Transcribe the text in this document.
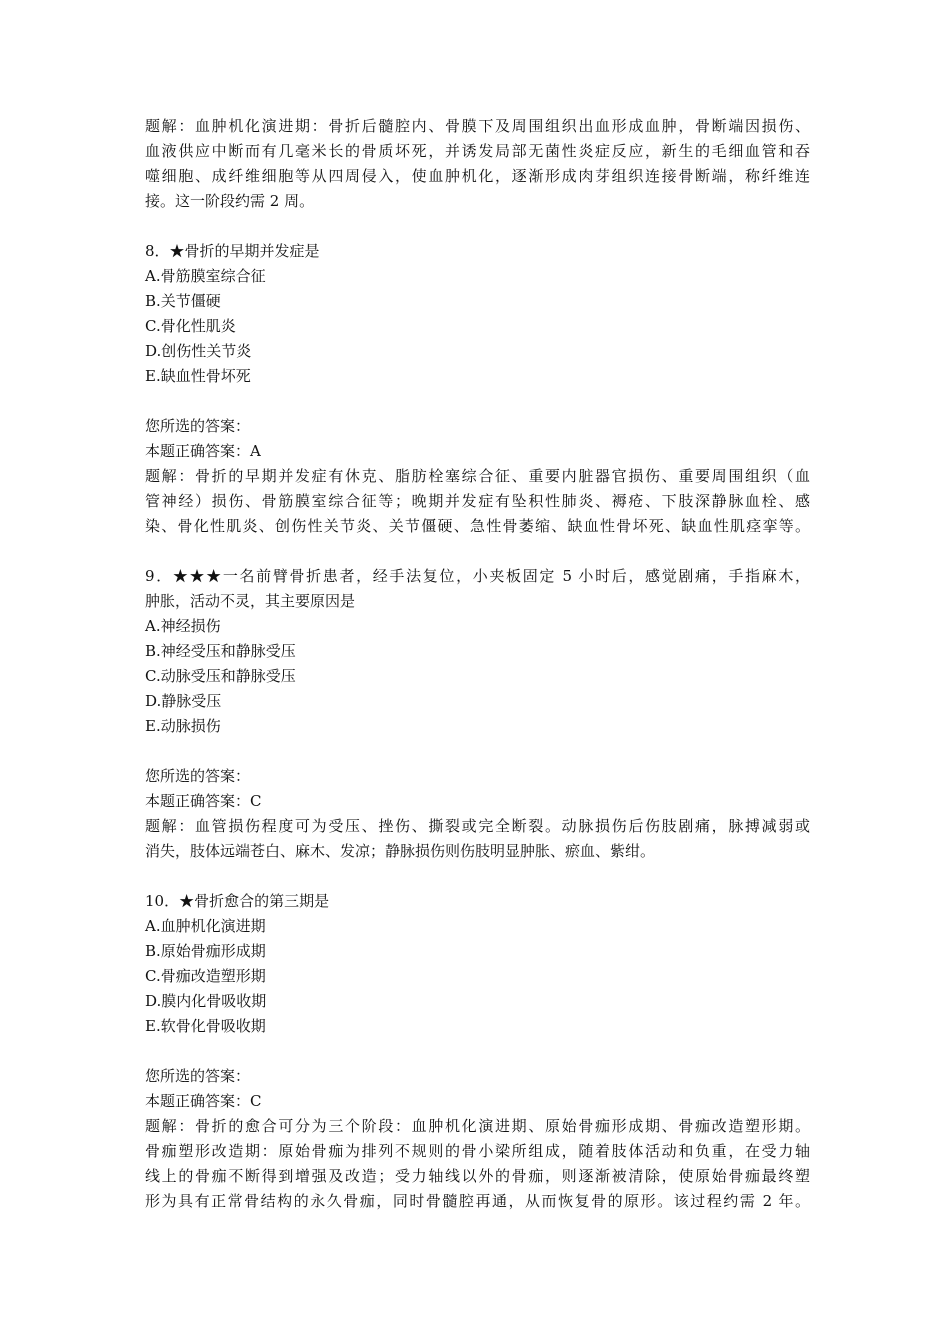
题解：血肿机化演进期：骨折后髓腔内、骨膜下及周围组织出血形成血肿，骨断端因损伤、
血液供应中断而有几毫米长的骨质坏死，并诱发局部无菌性炎症反应，新生的毛细血管和吞
噬细胞、成纤维细胞等从四周侵入，使血肿机化，逐渐形成肉芽组织连接骨断端，称纤维连
接。这一阶段约需 2 周。
8．★骨折的早期并发症是
A.骨筋膜室综合征
B.关节僵硬
C.骨化性肌炎
D.创伤性关节炎
E.缺血性骨坏死
您所选的答案：
本题正确答案：A
题解：骨折的早期并发症有休克、脂肪栓塞综合征、重要内脏器官损伤、重要周围组织（血
管神经）损伤、骨筋膜室综合征等；晚期并发症有坠积性肺炎、褥疮、下肢深静脉血栓、感
染、骨化性肌炎、创伤性关节炎、关节僵硬、急性骨萎缩、缺血性骨坏死、缺血性肌痉挛等。
9．★★★一名前臂骨折患者，经手法复位，小夹板固定 5 小时后，感觉剧痛，手指麻木，
肿胀，活动不灵，其主要原因是
A.神经损伤
B.神经受压和静脉受压
C.动脉受压和静脉受压
D.静脉受压
E.动脉损伤
您所选的答案：
本题正确答案：C
题解：血管损伤程度可为受压、挫伤、撕裂或完全断裂。动脉损伤后伤肢剧痛，脉搏减弱或
消失，肢体远端苍白、麻木、发凉；静脉损伤则伤肢明显肿胀、瘀血、紫绀。
10．★骨折愈合的第三期是
A.血肿机化演进期
B.原始骨痂形成期
C.骨痂改造塑形期
D.膜内化骨吸收期
E.软骨化骨吸收期
您所选的答案：
本题正确答案：C
题解：骨折的愈合可分为三个阶段：血肿机化演进期、原始骨痂形成期、骨痂改造塑形期。
骨痂塑形改造期：原始骨痂为排列不规则的骨小梁所组成，随着肢体活动和负重，在受力轴
线上的骨痂不断得到增强及改造；受力轴线以外的骨痂，则逐渐被清除，使原始骨痂最终塑
形为具有正常骨结构的永久骨痂，同时骨髓腔再通，从而恢复骨的原形。该过程约需 2 年。
